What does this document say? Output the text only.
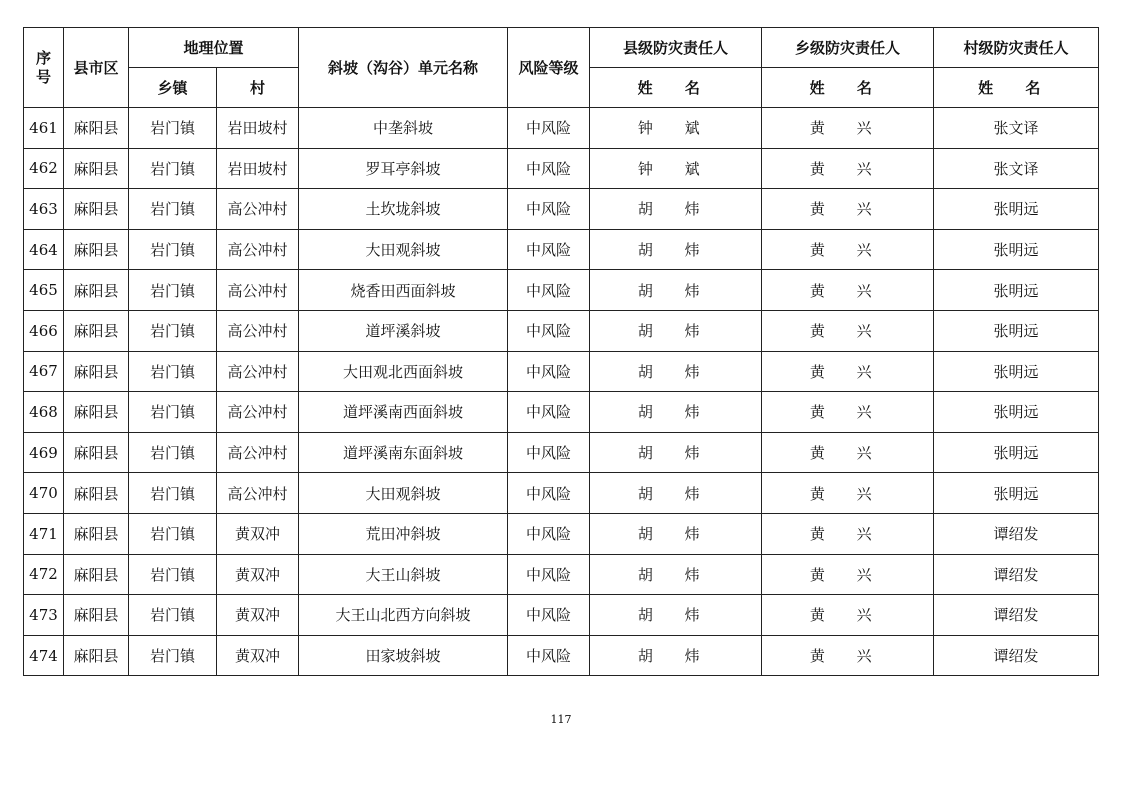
序
号	县市区	地理位置		斜坡（沟谷）单元名称	风险等级	县级防灾责任人	乡级防灾责任人	村级防灾责任人
		乡镇	村			姓 名	姓 名	姓 名
461	麻阳县	岩门镇	岩田坡村	中垄斜坡	中风险	钟 斌	黄 兴	张文译
462	麻阳县	岩门镇	岩田坡村	罗耳亭斜坡	中风险	钟 斌	黄 兴	张文译
463	麻阳县	岩门镇	高公冲村	土坎垅斜坡	中风险	胡 炜	黄 兴	张明远
464	麻阳县	岩门镇	高公冲村	大田观斜坡	中风险	胡 炜	黄 兴	张明远
465	麻阳县	岩门镇	高公冲村	烧香田西面斜坡	中风险	胡 炜	黄 兴	张明远
466	麻阳县	岩门镇	高公冲村	道坪溪斜坡	中风险	胡 炜	黄 兴	张明远
467	麻阳县	岩门镇	高公冲村	大田观北西面斜坡	中风险	胡 炜	黄 兴	张明远
468	麻阳县	岩门镇	高公冲村	道坪溪南西面斜坡	中风险	胡 炜	黄 兴	张明远
469	麻阳县	岩门镇	高公冲村	道坪溪南东面斜坡	中风险	胡 炜	黄 兴	张明远
470	麻阳县	岩门镇	高公冲村	大田观斜坡	中风险	胡 炜	黄 兴	张明远
471	麻阳县	岩门镇	黄双冲	荒田冲斜坡	中风险	胡 炜	黄 兴	谭绍发
472	麻阳县	岩门镇	黄双冲	大王山斜坡	中风险	胡 炜	黄 兴	谭绍发
473	麻阳县	岩门镇	黄双冲	大王山北西方向斜坡	中风险	胡 炜	黄 兴	谭绍发
474	麻阳县	岩门镇	黄双冲	田家坡斜坡	中风险	胡 炜	黄 兴	谭绍发
117
